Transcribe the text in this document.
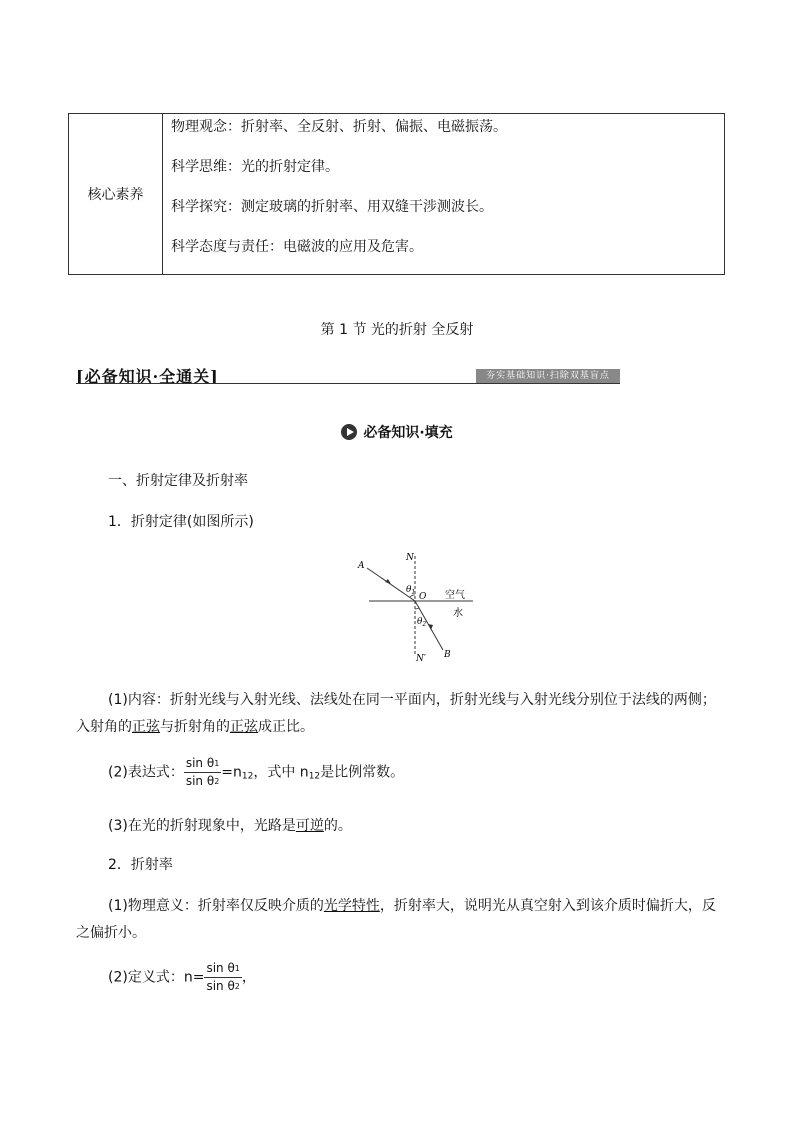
核心素养
物理观念：折射率、全反射、折射、偏振、电磁振荡。
科学思维：光的折射定律。
科学探究：测定玻璃的折射率、用双缝干涉测波长。
科学态度与责任：电磁波的应用及危害。
第 1 节 光的折射 全反射
[必备知识·全通关]	夯实基础知识·扫除双基盲点
必备知识·填充
一、折射定律及折射率
1．折射定律(如图所示)
A
N
$\theta_1$ O 空气
水
$\theta_2$
N′ B
(1)内容：折射光线与入射光线、法线处在同一平面内，折射光线与入射光线分别位于法线的两侧；
入射角的正弦与折射角的正弦成正比。
(2)表达式： $\frac{\sin \theta^1}{\sin \theta^2} =n_{12}$，式中 $n_{12}$是比例常数。
(3)在光的折射现象中，光路是可逆的。
2．折射率
(1)物理意义：折射率仅反映介质的光学特性，折射率大，说明光从真空射入到该介质时偏折大，反
之偏折小。
(2)定义式：$n= \frac{\sin \theta^1}{\sin \theta^2}$ ，
